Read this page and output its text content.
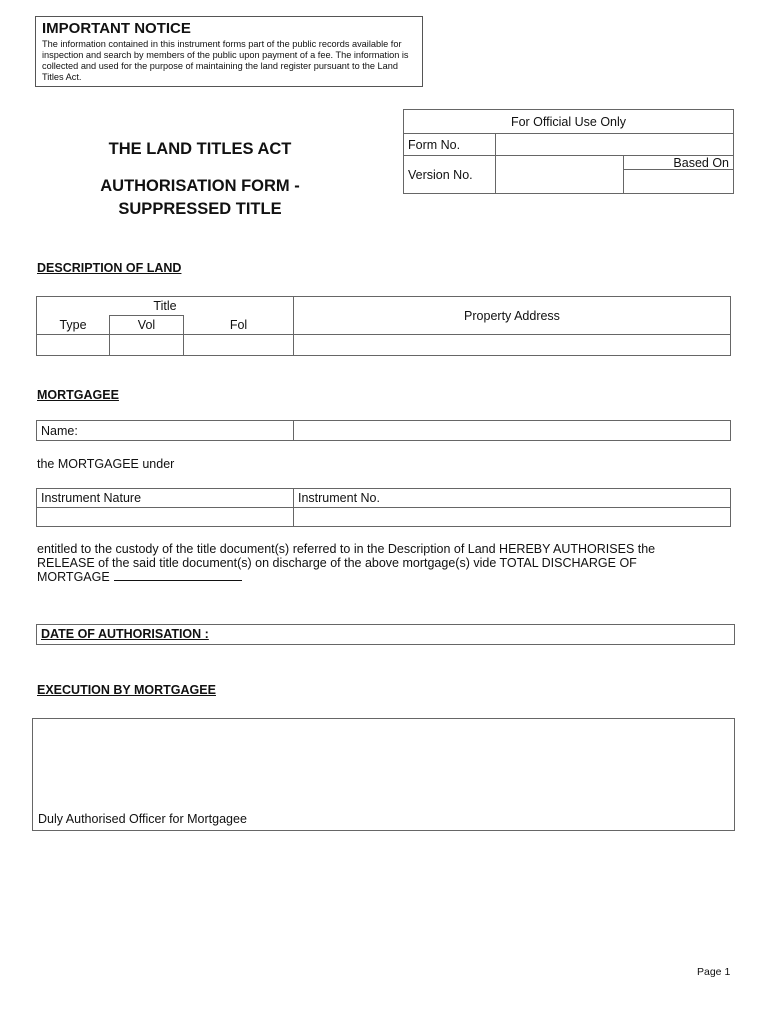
IMPORTANT NOTICE
The information contained in this instrument forms part of the public records available for inspection and search by members of the public upon payment of a fee. The information is collected and used for the purpose of maintaining the land register pursuant to the Land Titles Act.
For Official Use Only		
Form No.		
Version No.		Based On

THE LAND TITLES ACT
AUTHORISATION FORM -
SUPPRESSED TITLE
DESCRIPTION OF LAND
Title			Property Address
Type	Vol	Fol	

MORTGAGEE
Name:	
the MORTGAGEE under
Instrument Nature	Instrument No.

entitled to the custody of the title document(s) referred to in the Description of Land HEREBY AUTHORISES the RELEASE of the said title document(s) on discharge of the above mortgage(s) vide TOTAL DISCHARGE OF MORTGAGE
DATE OF AUTHORISATION :
EXECUTION BY MORTGAGEE
Duly Authorised Officer for Mortgagee
Page 1
